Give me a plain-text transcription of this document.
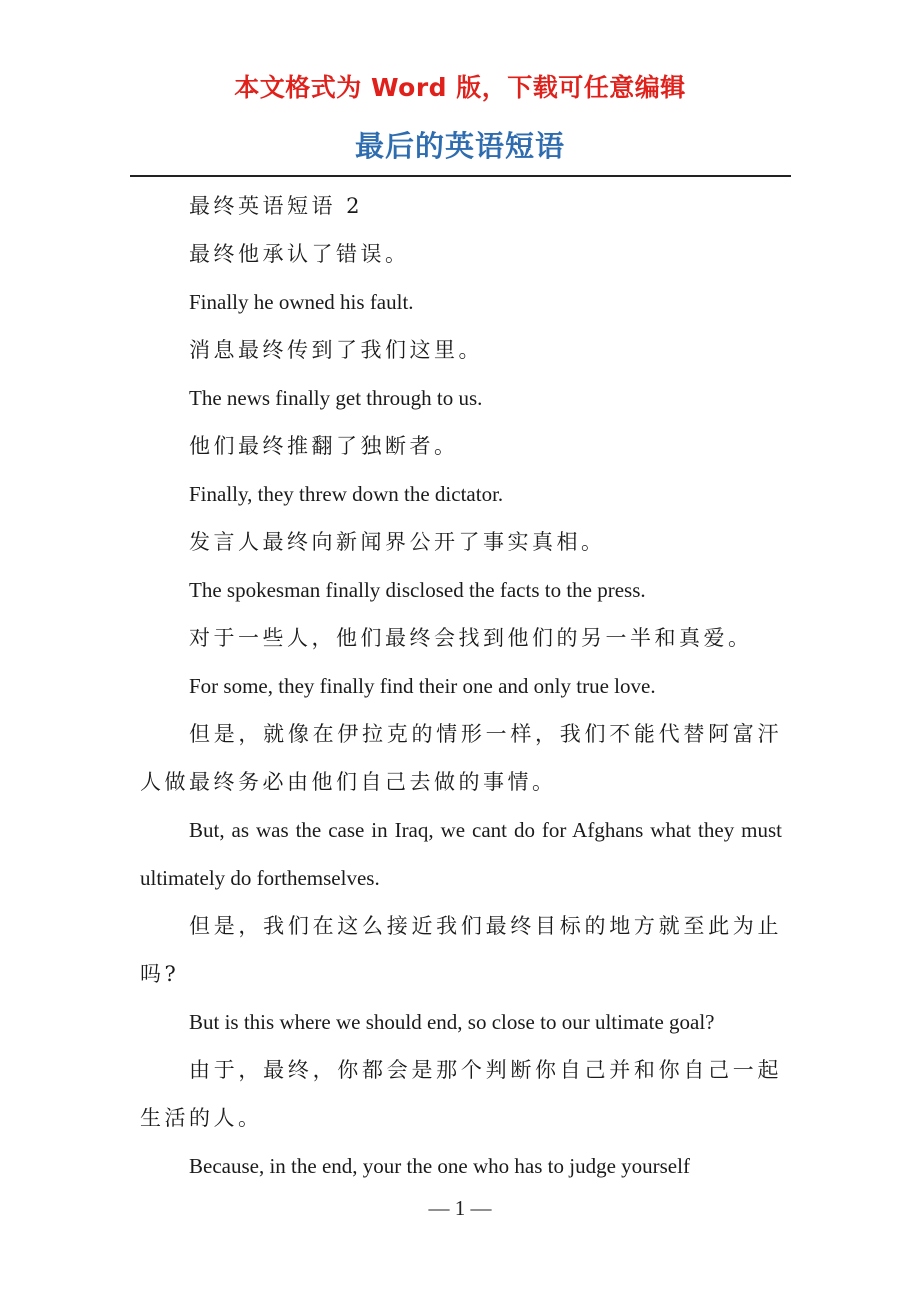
本文格式为 Word 版，下载可任意编辑
最后的英语短语

最终英语短语 2

最终他承认了错误。

Finally he owned his fault.

消息最终传到了我们这里。

The news finally get through to us.

他们最终推翻了独断者。

Finally, they threw down the dictator.

发言人最终向新闻界公开了事实真相。

The spokesman finally disclosed the facts to the press.

对于一些人，他们最终会找到他们的另一半和真爱。

For some, they finally find their one and only true love.

但是，就像在伊拉克的情形一样，我们不能代替阿富汗人做最终务必由他们自己去做的事情。

But, as was the case in Iraq, we cant do for Afghans what they must ultimately do forthemselves.

但是，我们在这么接近我们最终目标的地方就至此为止吗?

But is this where we should end, so close to our ultimate goal?

由于，最终，你都会是那个判断你自己并和你自己一起生活的人。

Because, in the end, your the one who has to judge yourself

— 1 —
